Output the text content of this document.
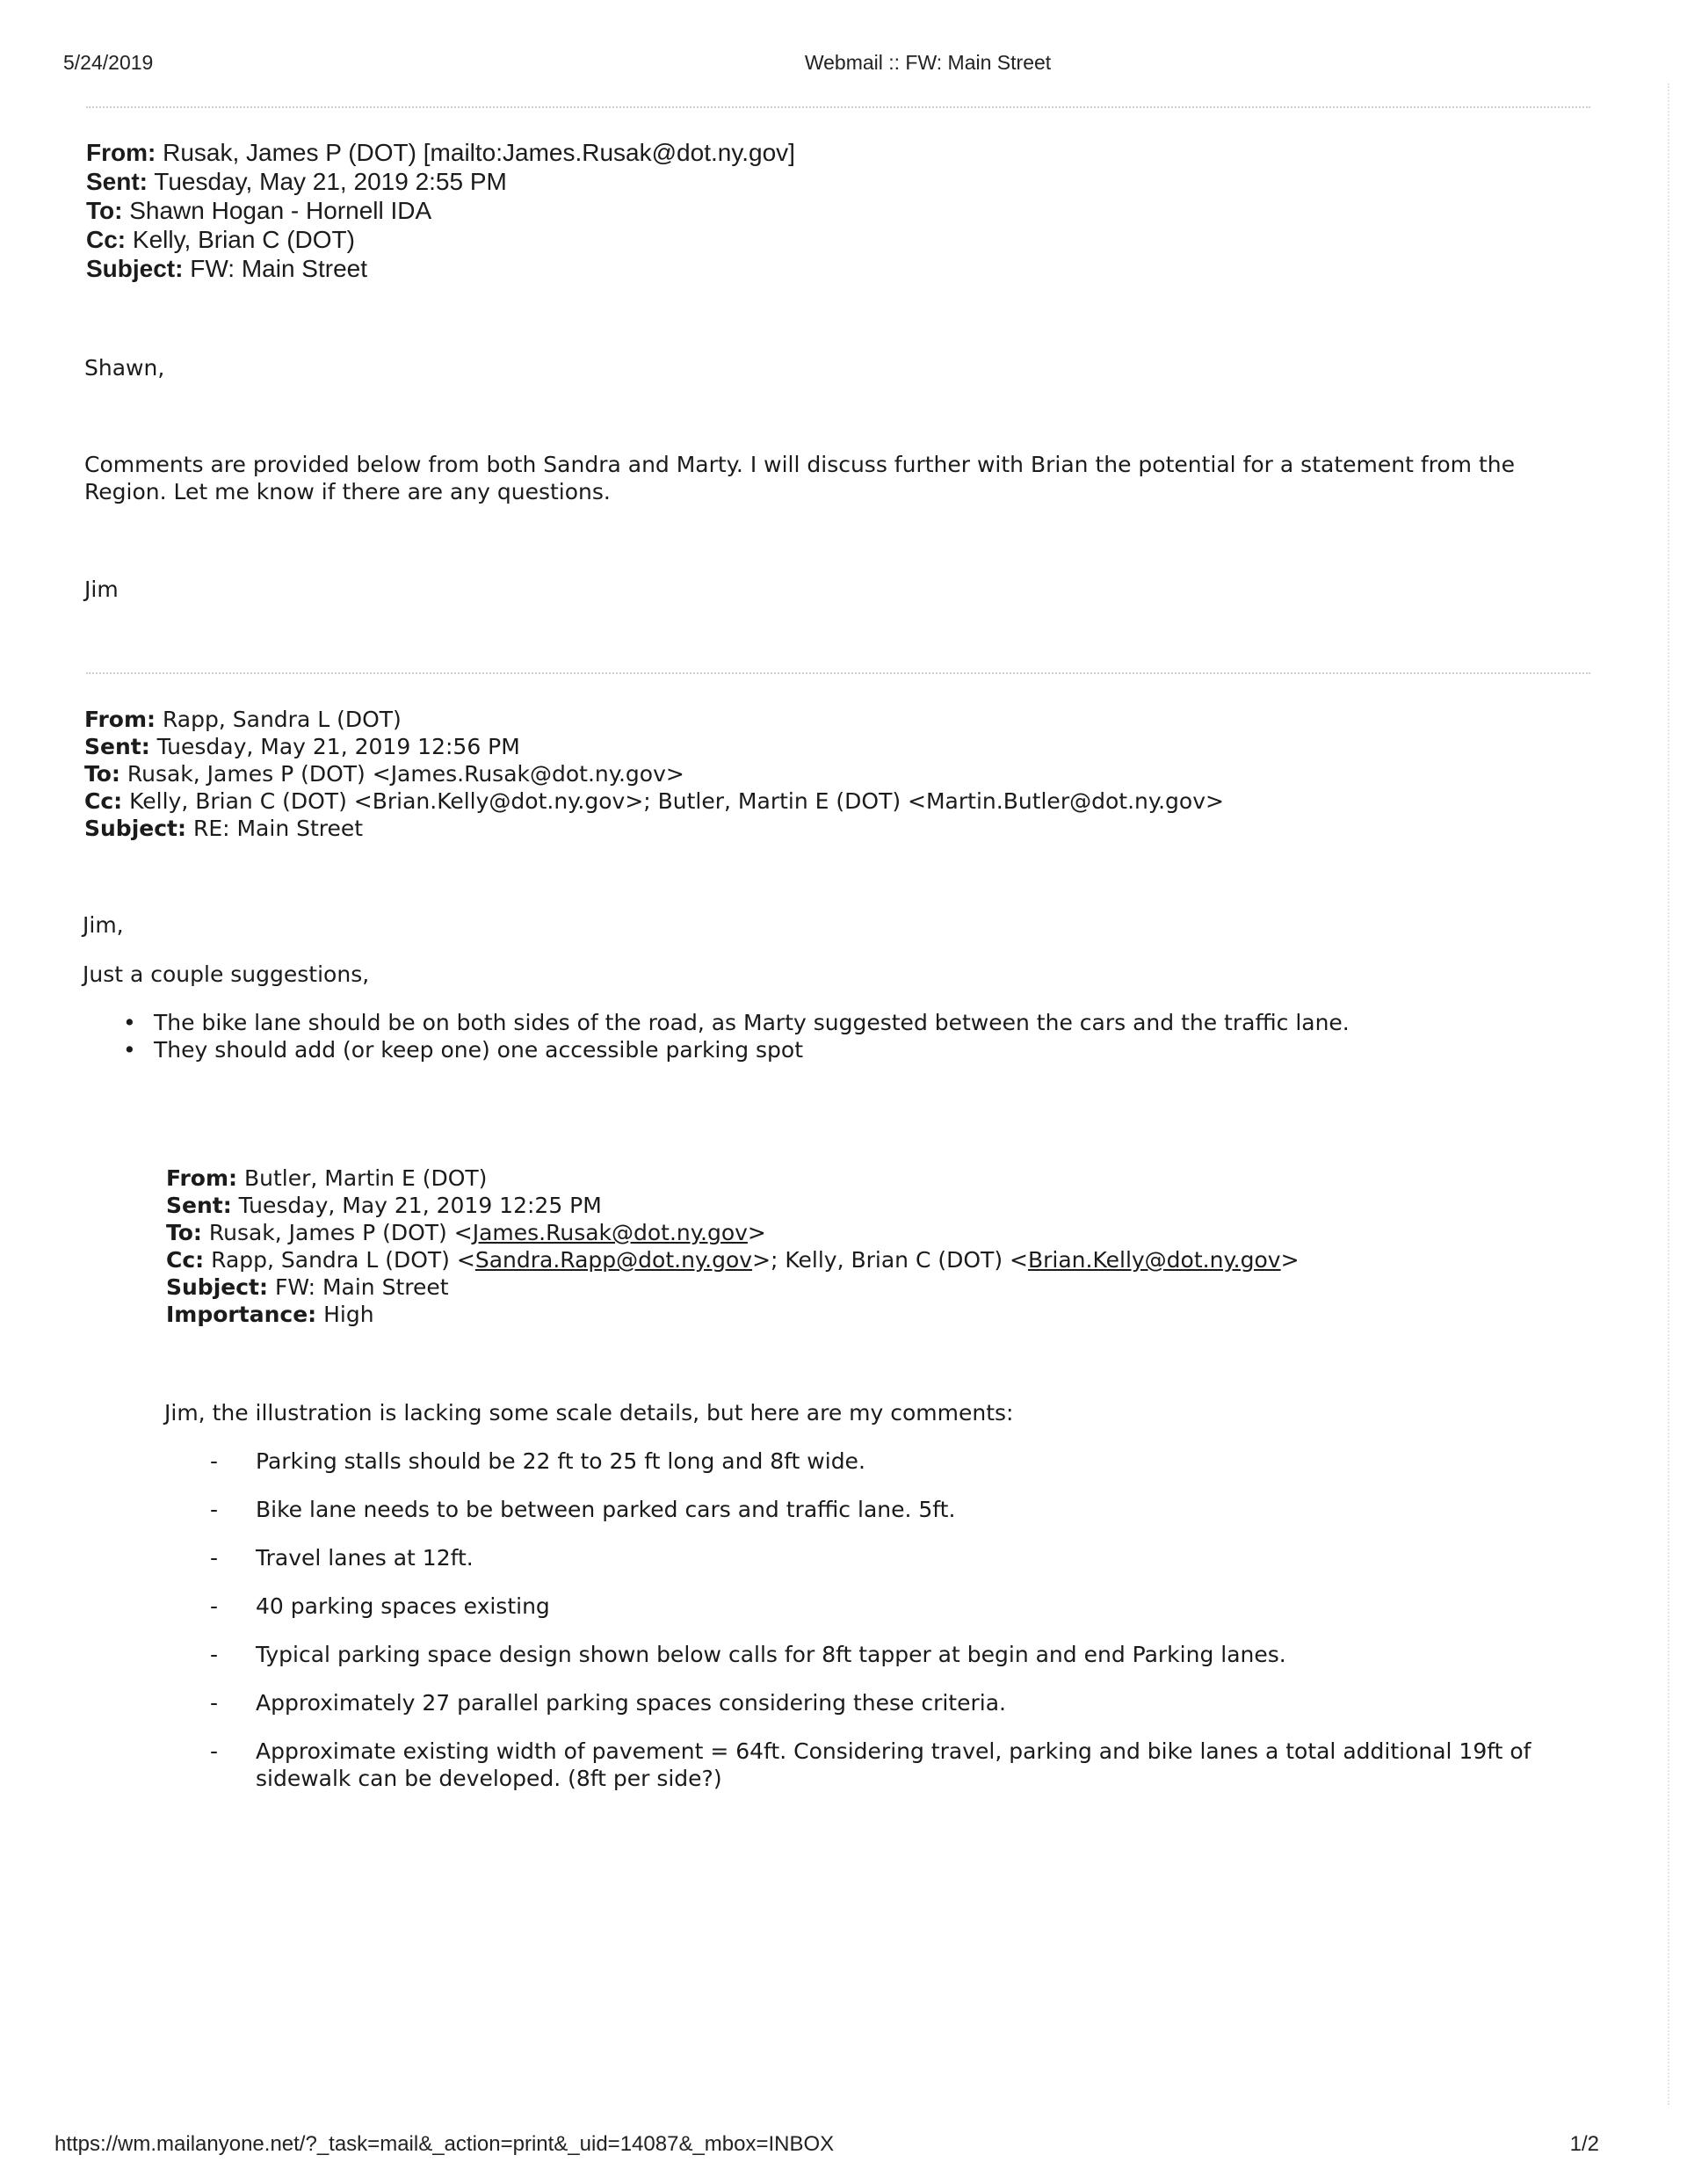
5/24/2019	Webmail :: FW: Main Street
From: Rusak, James P (DOT) [mailto:James.Rusak@dot.ny.gov]
Sent: Tuesday, May 21, 2019 2:55 PM
To: Shawn Hogan - Hornell IDA
Cc: Kelly, Brian C (DOT)
Subject: FW: Main Street
Shawn,
Comments are provided below from both Sandra and Marty. I will discuss further with Brian the potential for a statement from the Region. Let me know if there are any questions.
Jim
From: Rapp, Sandra L (DOT)
Sent: Tuesday, May 21, 2019 12:56 PM
To: Rusak, James P (DOT) <James.Rusak@dot.ny.gov>
Cc: Kelly, Brian C (DOT) <Brian.Kelly@dot.ny.gov>; Butler, Martin E (DOT) <Martin.Butler@dot.ny.gov>
Subject: RE: Main Street
Jim,
Just a couple suggestions,
• The bike lane should be on both sides of the road, as Marty suggested between the cars and the traffic lane.
• They should add (or keep one) one accessible parking spot
From: Butler, Martin E (DOT)
Sent: Tuesday, May 21, 2019 12:25 PM
To: Rusak, James P (DOT) <James.Rusak@dot.ny.gov>
Cc: Rapp, Sandra L (DOT) <Sandra.Rapp@dot.ny.gov>; Kelly, Brian C (DOT) <Brian.Kelly@dot.ny.gov>
Subject: FW: Main Street
Importance: High
Jim, the illustration is lacking some scale details, but here are my comments:
- Parking stalls should be 22 ft to 25 ft long and 8ft wide.
- Bike lane needs to be between parked cars and traffic lane. 5ft.
- Travel lanes at 12ft.
- 40 parking spaces existing
- Typical parking space design shown below calls for 8ft tapper at begin and end Parking lanes.
- Approximately 27 parallel parking spaces considering these criteria.
- Approximate existing width of pavement = 64ft. Considering travel, parking and bike lanes a total additional 19ft of sidewalk can be developed. (8ft per side?)
https://wm.mailanyone.net/?_task=mail&_action=print&_uid=14087&_mbox=INBOX	1/2
